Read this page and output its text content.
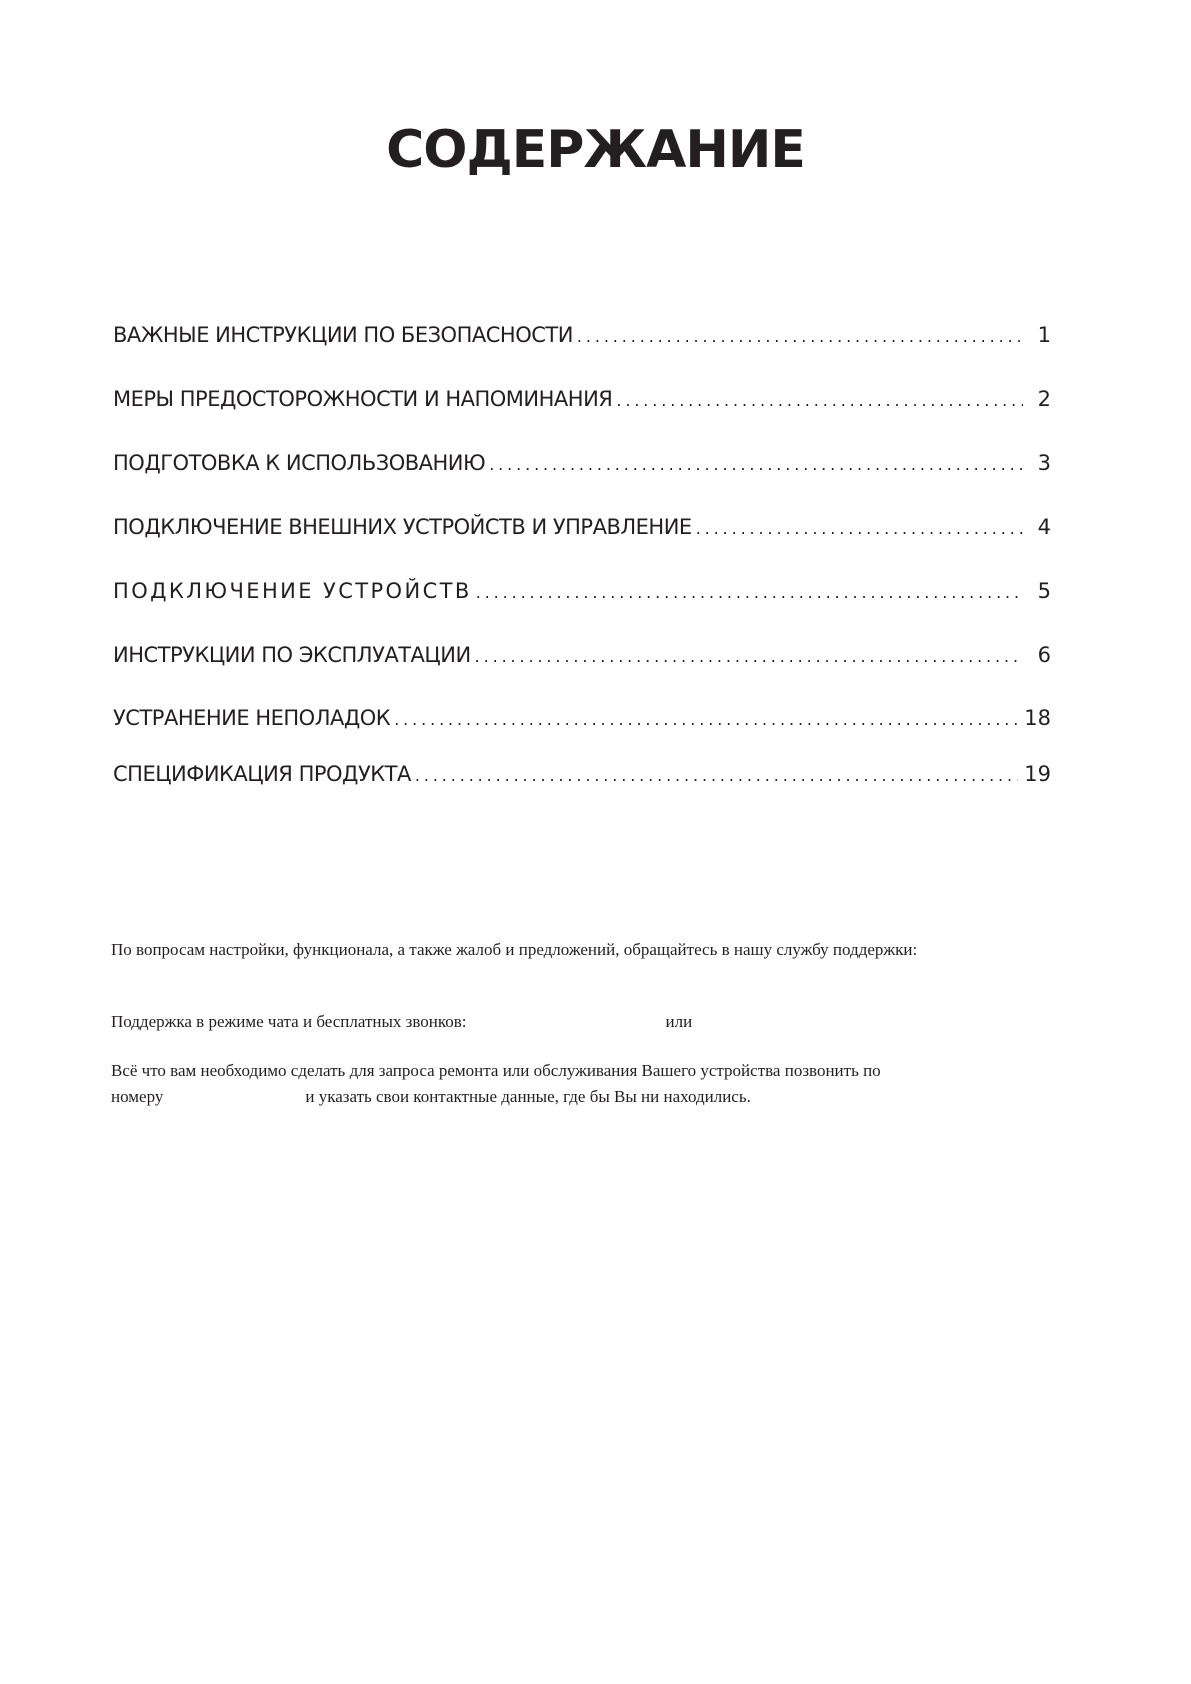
СОДЕРЖАНИЕ
ВАЖНЫЕ ИНСТРУКЦИИ ПО БЕЗОПАСНОСТИ . . .	1
МЕРЫ ПРЕДОСТОРОЖНОСТИ И НАПОМИНАНИЯ . . .	2
ПОДГОТОВКА К ИСПОЛЬЗОВАНИЮ . . .	3
ПОДКЛЮЧЕНИЕ ВНЕШНИХ УСТРОЙСТВ И УПРАВЛЕНИЕ . . .	4
ПОДКЛЮЧЕНИЕ УСТРОЙСТВ . . .	5
ИНСТРУКЦИИ ПО ЭКСПЛУАТАЦИИ . . .	6
УСТРАНЕНИЕ НЕПОЛАДОК . . .	18
СПЕЦИФИКАЦИЯ ПРОДУКТА . . .	19

По вопросам настройки, функционала, а также жалоб и предложений, обращайтесь в нашу службу поддержки:

Поддержка в режиме чата и бесплатных звонков:	или

Всё что вам необходимо сделать для запроса ремонта или обслуживания Вашего устройства позвонить по
номеру	и указать свои контактные данные, где бы Вы ни находились.
